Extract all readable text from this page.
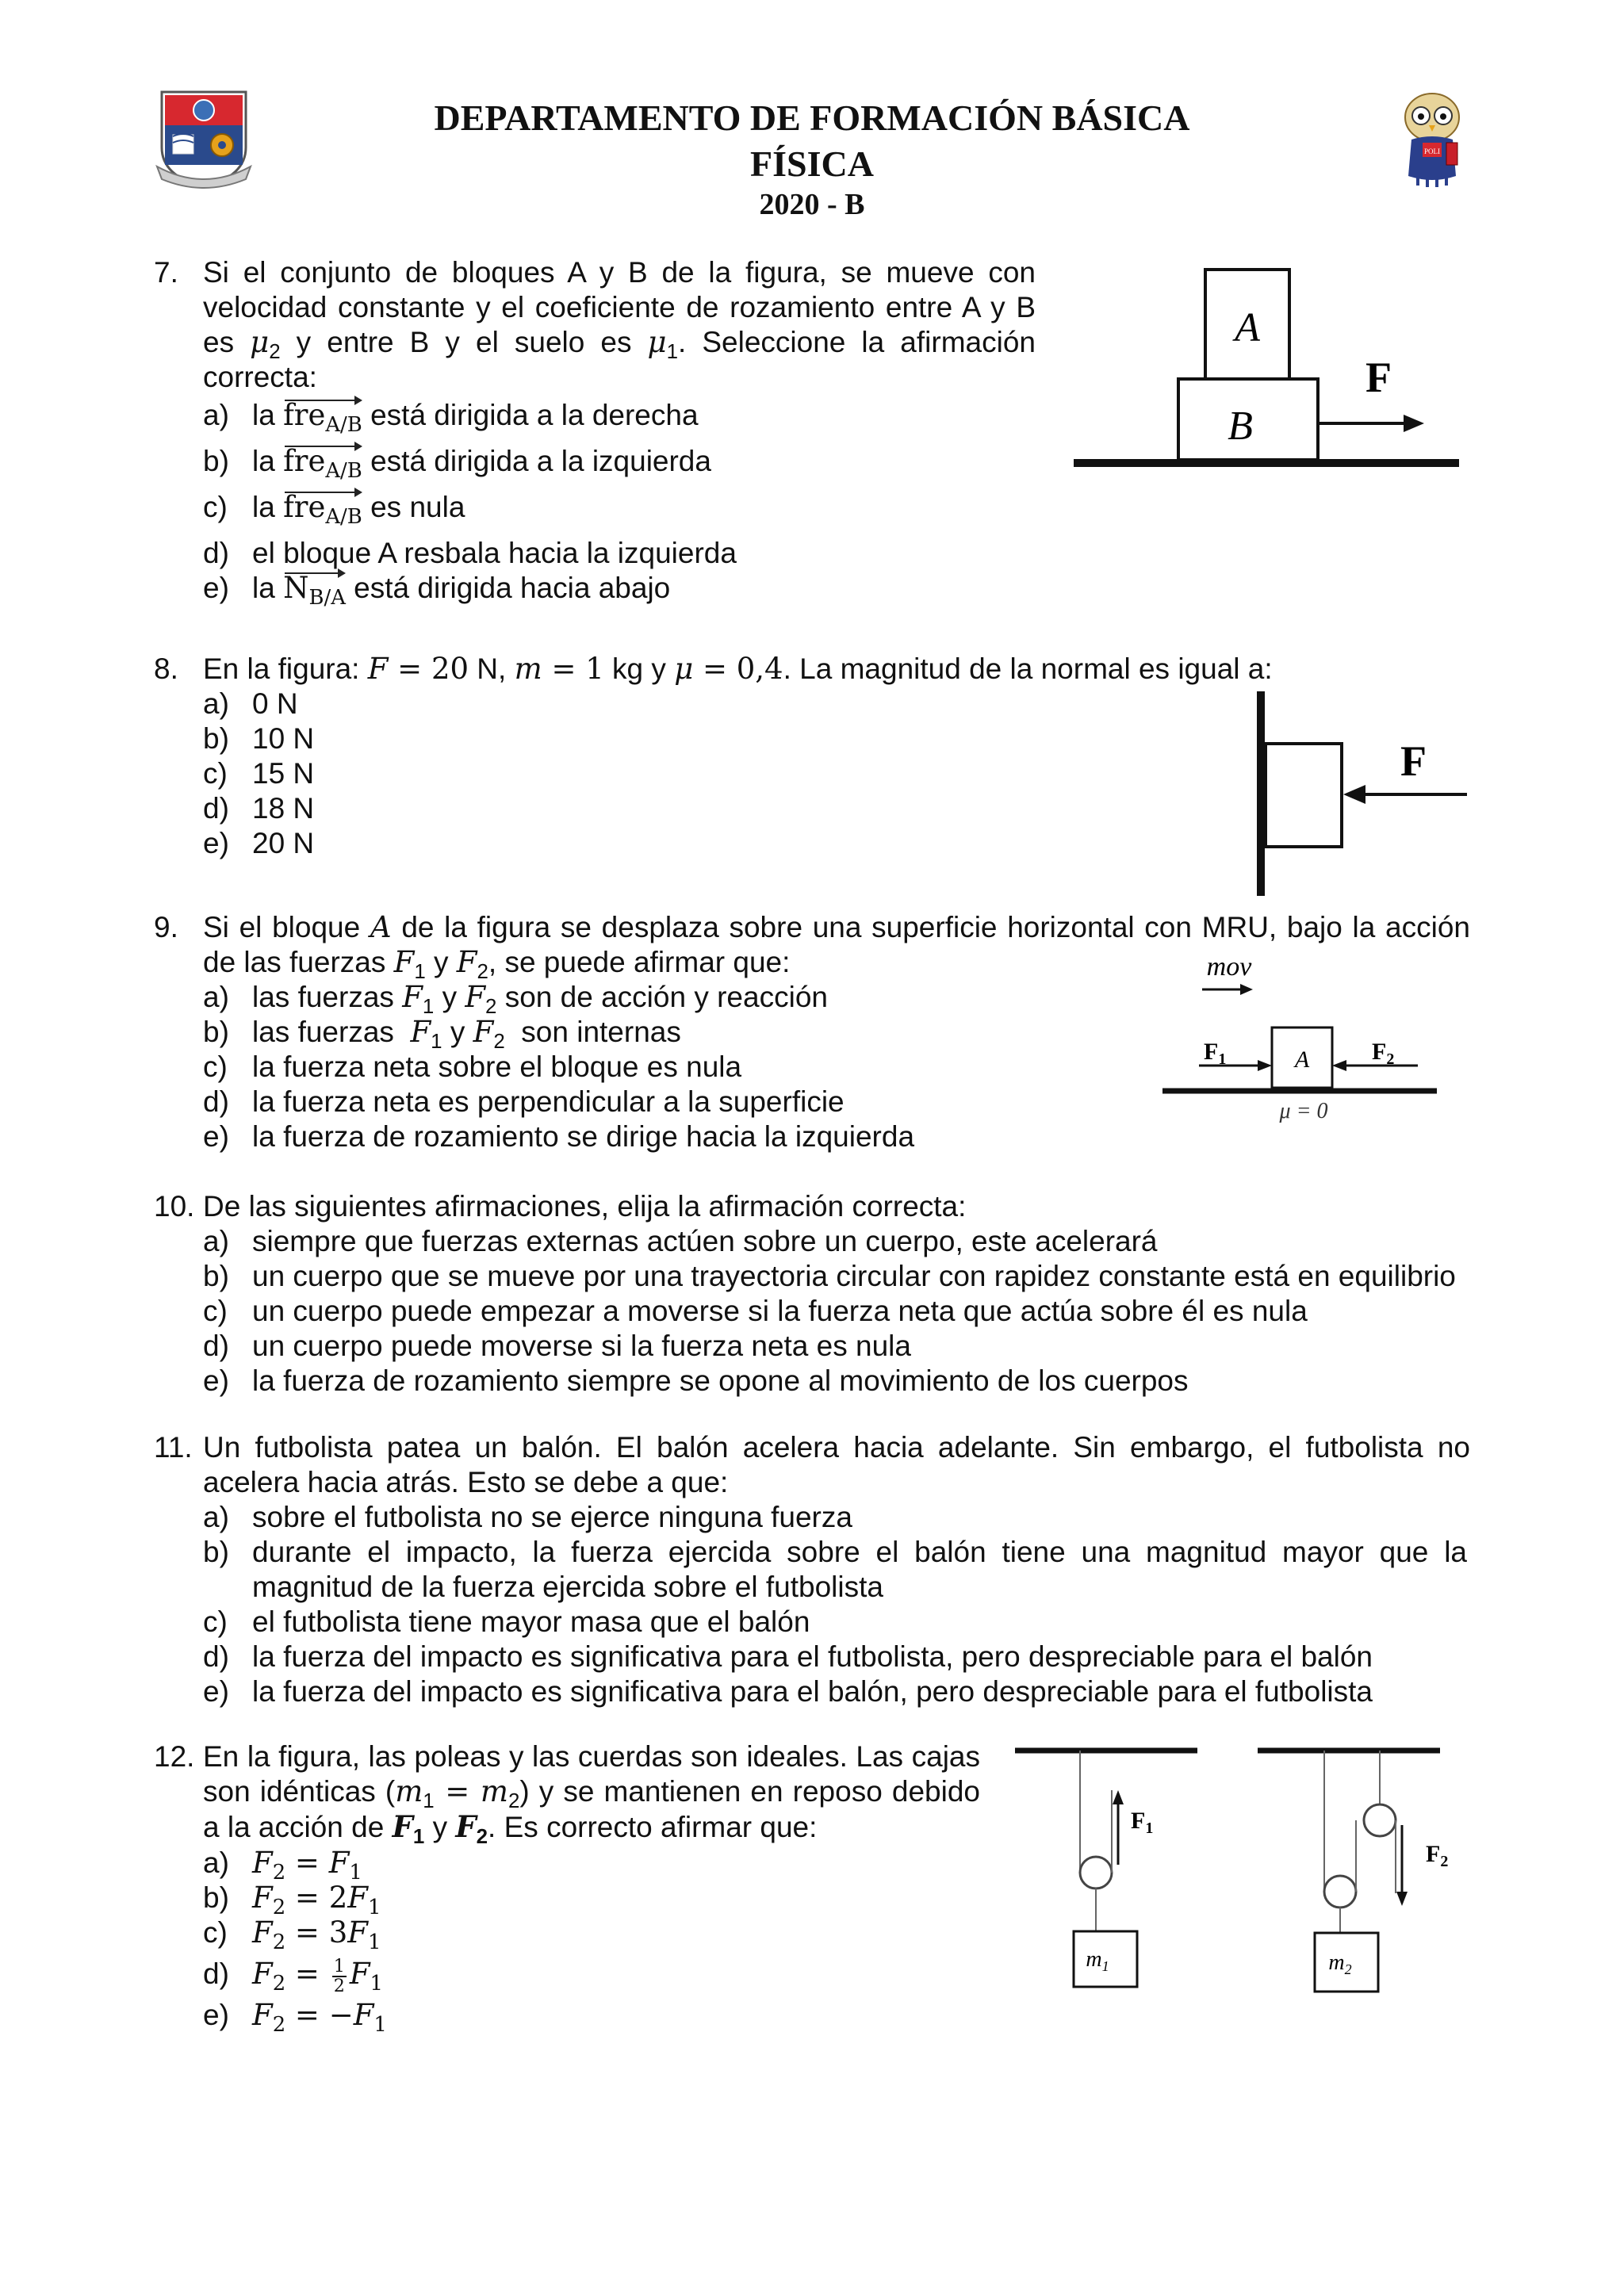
DEPARTAMENTO DE FORMACIÓN BÁSICA
FÍSICA
2020 - B
POLI
7. Si el conjunto de bloques A y B de la figura, se mueve con velocidad constante y el coeficiente de rozamiento entre A y B es $\mu_2$ y entre B y el suelo es $\mu_1$. Seleccione la afirmación correcta:
a) la fre$_{A/B}$ está dirigida a la derecha
b) la fre$_{A/B}$ está dirigida a la izquierda
c) la fre$_{A/B}$ es nula
d) el bloque A resbala hacia la izquierda
e) la $N_{B/A}$ está dirigida hacia abajo
A
B
F
8. En la figura: F = 20 N, m = 1 kg y μ = 0,4. La magnitud de la normal es igual a:
a) 0 N
b) 10 N
c) 15 N
d) 18 N
e) 20 N
F
9. Si el bloque A de la figura se desplaza sobre una superficie horizontal con MRU, bajo la acción de las fuerzas $F_1$ y $F_2$, se puede afirmar que:
a) las fuerzas $F_1$ y $F_2$ son de acción y reacción
b) las fuerzas  $F_1$ y $F_2$  son internas
c) la fuerza neta sobre el bloque es nula
d) la fuerza neta es perpendicular a la superficie
e) la fuerza de rozamiento se dirige hacia la izquierda
mov
A
$F_1$	$F_2$
μ = 0
10. De las siguientes afirmaciones, elija la afirmación correcta:
a) siempre que fuerzas externas actúen sobre un cuerpo, este acelerará
b) un cuerpo que se mueve por una trayectoria circular con rapidez constante está en equilibrio
c) un cuerpo puede empezar a moverse si la fuerza neta que actúa sobre él es nula
d) un cuerpo puede moverse si la fuerza neta es nula
e) la fuerza de rozamiento siempre se opone al movimiento de los cuerpos
11. Un futbolista patea un balón. El balón acelera hacia adelante. Sin embargo, el futbolista no acelera hacia atrás. Esto se debe a que:
a) sobre el futbolista no se ejerce ninguna fuerza
b) durante el impacto, la fuerza ejercida sobre el balón tiene una magnitud mayor que la magnitud de la fuerza ejercida sobre el futbolista
c) el futbolista tiene mayor masa que el balón
d) la fuerza del impacto es significativa para el futbolista, pero despreciable para el balón
e) la fuerza del impacto es significativa para el balón, pero despreciable para el futbolista
12. En la figura, las poleas y las cuerdas son ideales. Las cajas son idénticas $(m_1 = m_2)$ y se mantienen en reposo debido a la acción de $F_1$ y $F_2$. Es correcto afirmar que:
a) $F_2 = F_1$
b) $F_2 = 2F_1$
c) $F_2 = 3F_1$
d) $F_2 = \frac{1}{2} F_1$
e) $F_2 = -F_1$
$F_1$
$m_1$
$F_2$
$m_2$
